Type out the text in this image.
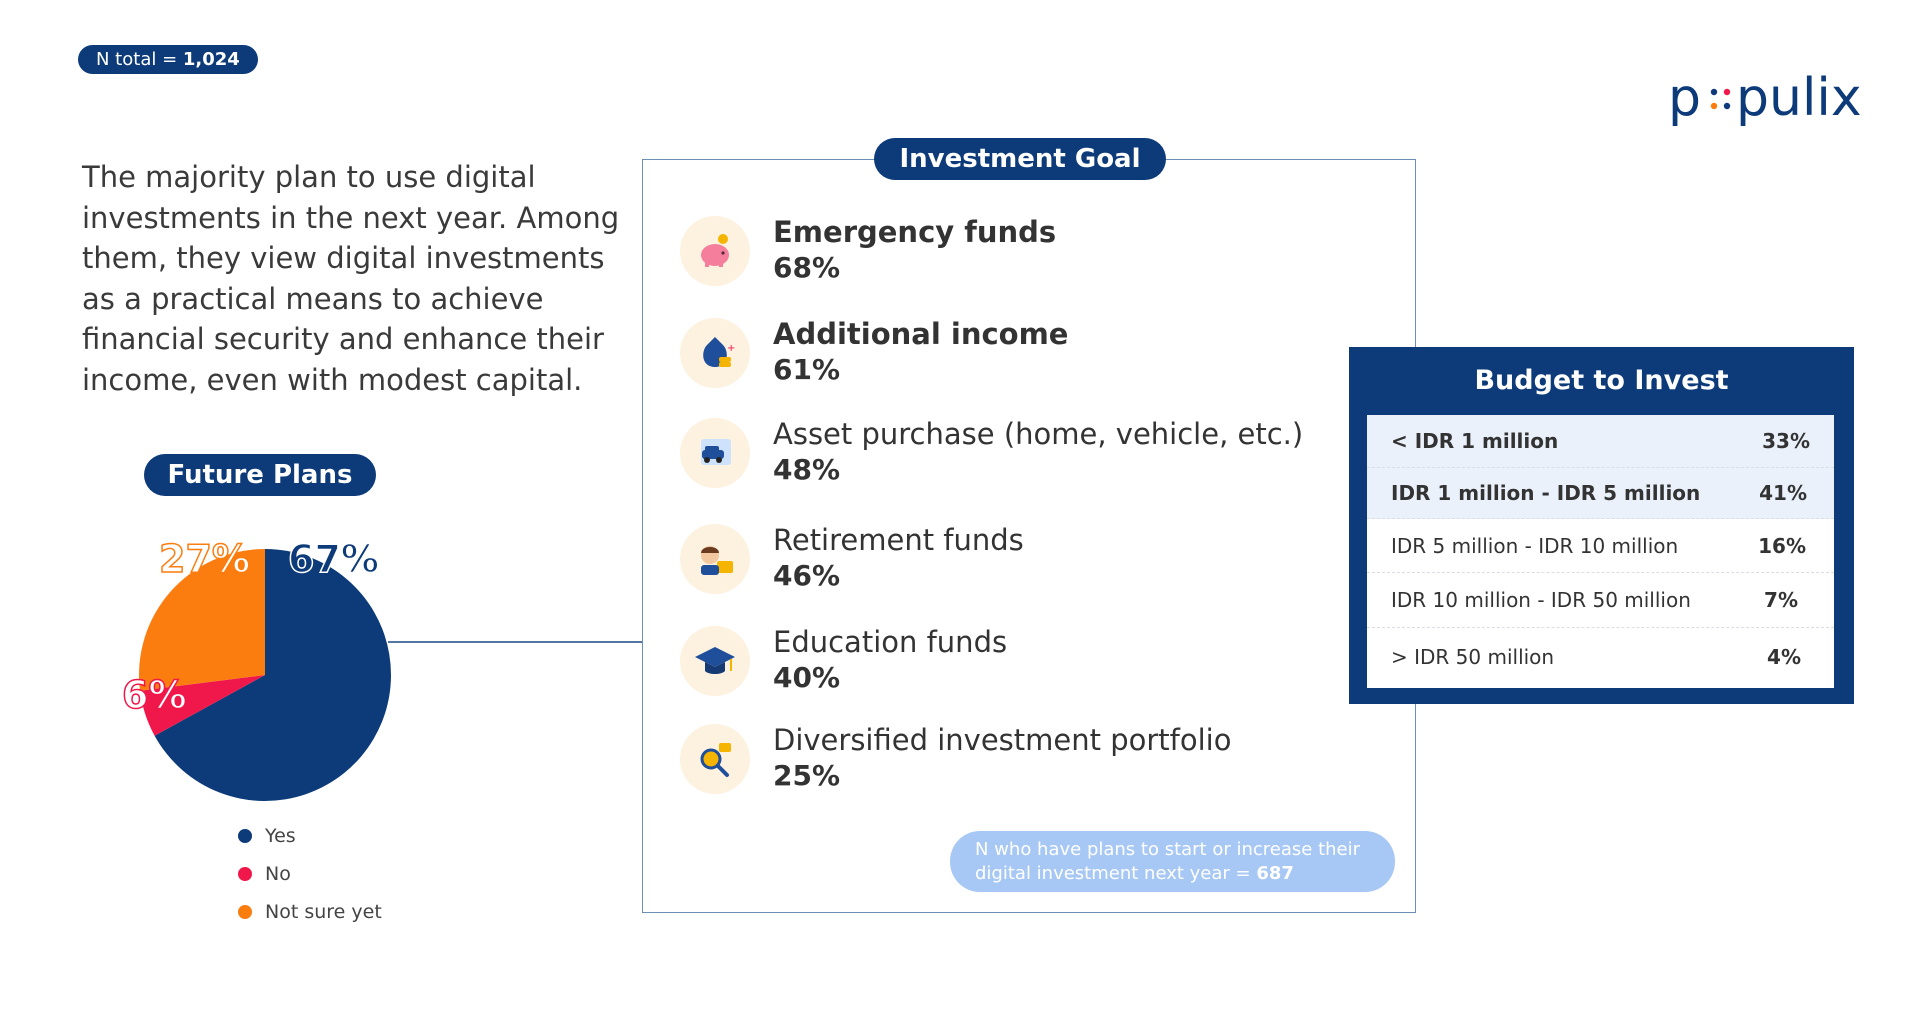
N total = 1,024
p pulix

The majority plan to use digital investments in the next year. Among them, they view digital investments as a practical means to achieve financial security and enhance their income, even with modest capital.

Future Plans
67%
6%
27%
Yes
No
Not sure yet
Investment Goal
Emergency funds
68%
+ Additional income
61%
Asset purchase (home, vehicle, etc.)
48%
Retirement funds
46%
Education funds
40%
Diversified investment portfolio
25%
N who have plans to start or increase their digital investment next year = 687
Budget to Invest
< IDR 1 million	33%
IDR 1 million - IDR 5 million	41%
IDR 5 million - IDR 10 million	16%
IDR 10 million - IDR 50 million	7%
> IDR 50 million	4%
